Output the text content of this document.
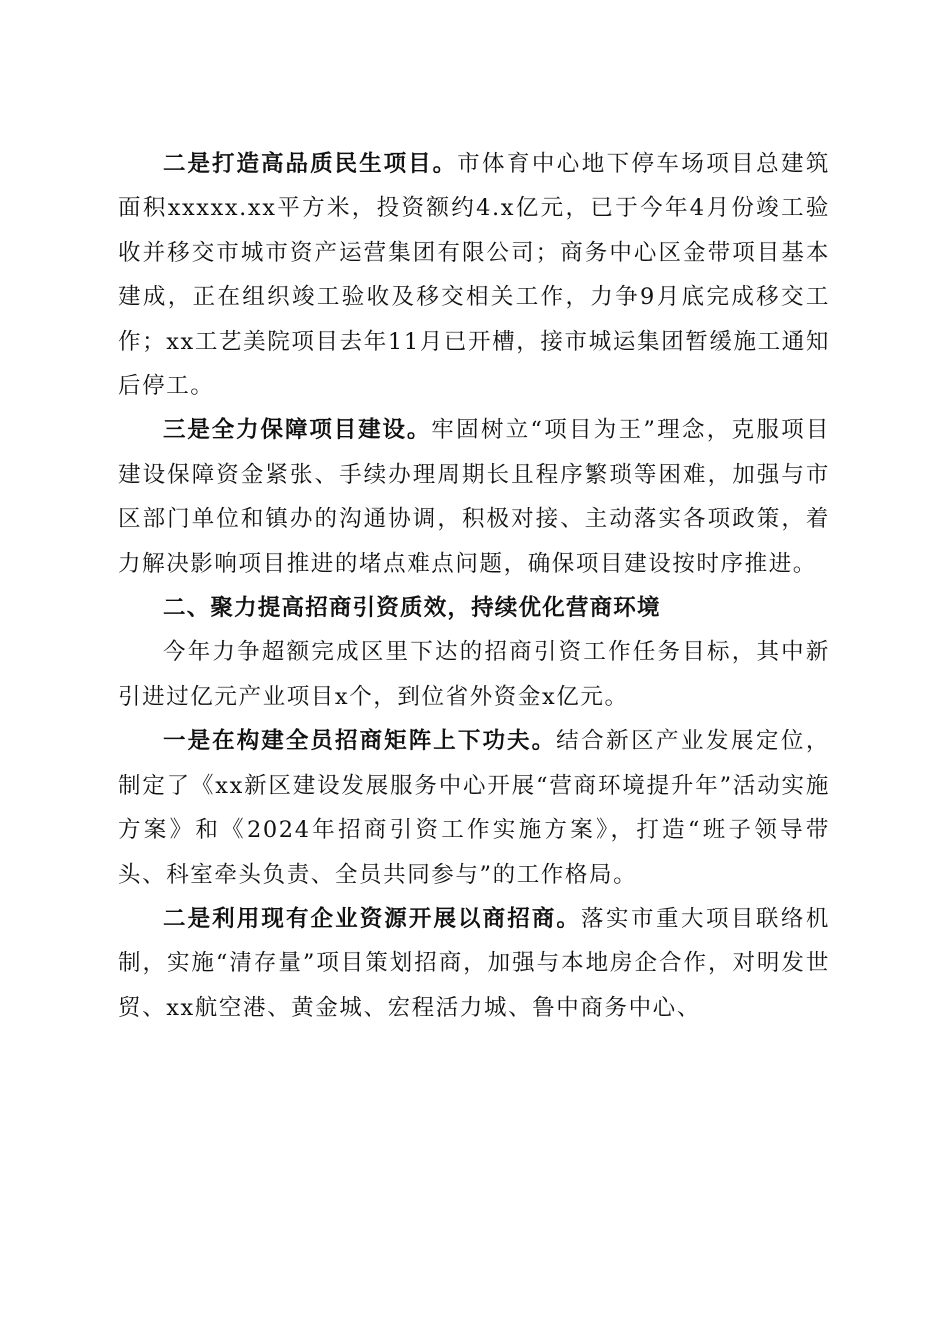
二是打造高品质民生项目。市体育中心地下停车场项目总建筑面积xxxxx.xx平方米，投资额约4.x亿元，已于今年4月份竣工验收并移交市城市资产运营集团有限公司；商务中心区金带项目基本建成，正在组织竣工验收及移交相关工作，力争9月底完成移交工作；xx工艺美院项目去年11月已开槽，接市城运集团暂缓施工通知后停工。

三是全力保障项目建设。牢固树立“项目为王”理念，克服项目建设保障资金紧张、手续办理周期长且程序繁琐等困难，加强与市区部门单位和镇办的沟通协调，积极对接、主动落实各项政策，着力解决影响项目推进的堵点难点问题，确保项目建设按时序推进。

二、聚力提高招商引资质效，持续优化营商环境

今年力争超额完成区里下达的招商引资工作任务目标，其中新引进过亿元产业项目x个，到位省外资金x亿元。

一是在构建全员招商矩阵上下功夫。结合新区产业发展定位，制定了《xx新区建设发展服务中心开展“营商环境提升年”活动实施方案》和《2024年招商引资工作实施方案》，打造“班子领导带头、科室牵头负责、全员共同参与”的工作格局。

二是利用现有企业资源开展以商招商。落实市重大项目联络机制，实施“清存量”项目策划招商，加强与本地房企合作，对明发世贸、xx航空港、黄金城、宏程活力城、鲁中商务中心、
